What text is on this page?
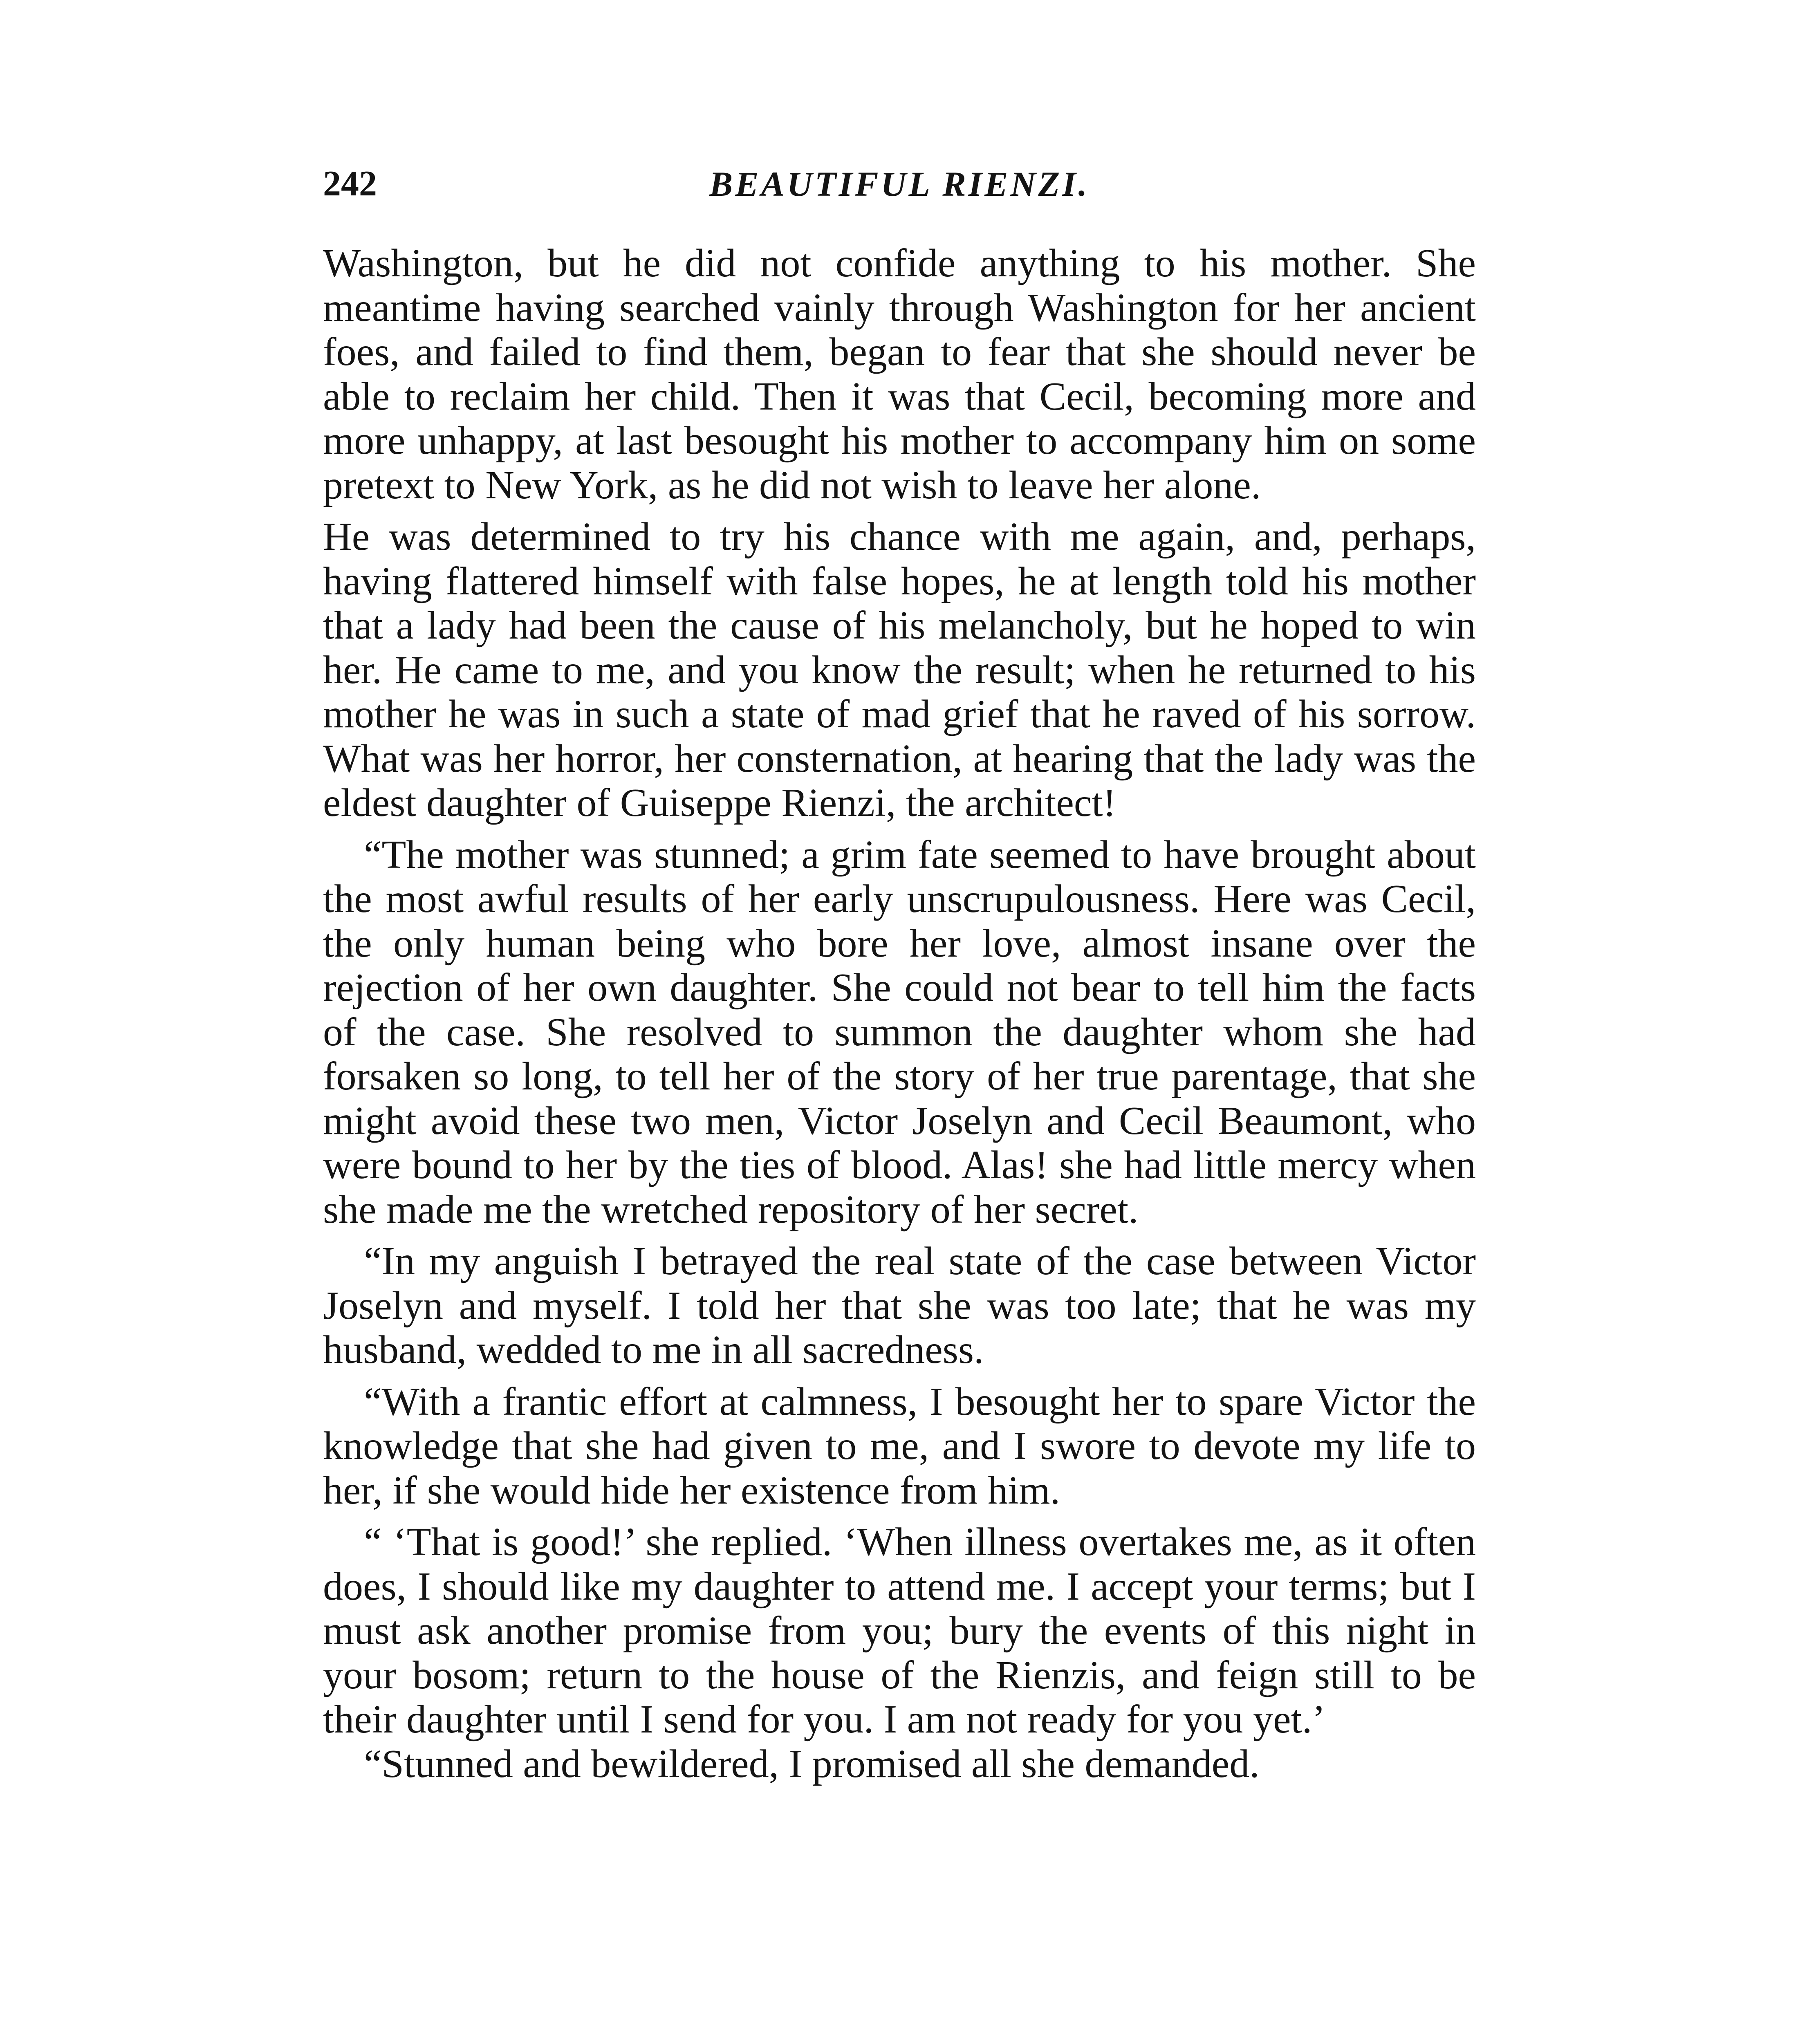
242	BEAUTIFUL RIENZI.

Washington, but he did not confide anything to his mother. She meantime having searched vainly through Washington for her ancient foes, and failed to find them, began to fear that she should never be able to reclaim her child. Then it was that Cecil, becoming more and more unhappy, at last besought his mother to accompany him on some pretext to New York, as he did not wish to leave her alone.

He was determined to try his chance with me again, and, perhaps, having flattered himself with false hopes, he at length told his mother that a lady had been the cause of his melancholy, but he hoped to win her. He came to me, and you know the result; when he returned to his mother he was in such a state of mad grief that he raved of his sorrow. What was her horror, her consternation, at hearing that the lady was the eldest daughter of Guiseppe Rienzi, the architect!

“The mother was stunned; a grim fate seemed to have brought about the most awful results of her early unscrupulousness. Here was Cecil, the only human being who bore her love, almost insane over the rejection of her own daughter. She could not bear to tell him the facts of the case. She resolved to summon the daughter whom she had forsaken so long, to tell her of the story of her true parentage, that she might avoid these two men, Victor Joselyn and Cecil Beaumont, who were bound to her by the ties of blood. Alas! she had little mercy when she made me the wretched repository of her secret.

“In my anguish I betrayed the real state of the case between Victor Joselyn and myself. I told her that she was too late; that he was my husband, wedded to me in all sacredness.

“With a frantic effort at calmness, I besought her to spare Victor the knowledge that she had given to me, and I swore to devote my life to her, if she would hide her existence from him.

“ ‘That is good!’ she replied. ‘When illness overtakes me, as it often does, I should like my daughter to attend me. I accept your terms; but I must ask another promise from you; bury the events of this night in your bosom; return to the house of the Rienzis, and feign still to be their daughter until I send for you. I am not ready for you yet.’

“Stunned and bewildered, I promised all she demanded.
